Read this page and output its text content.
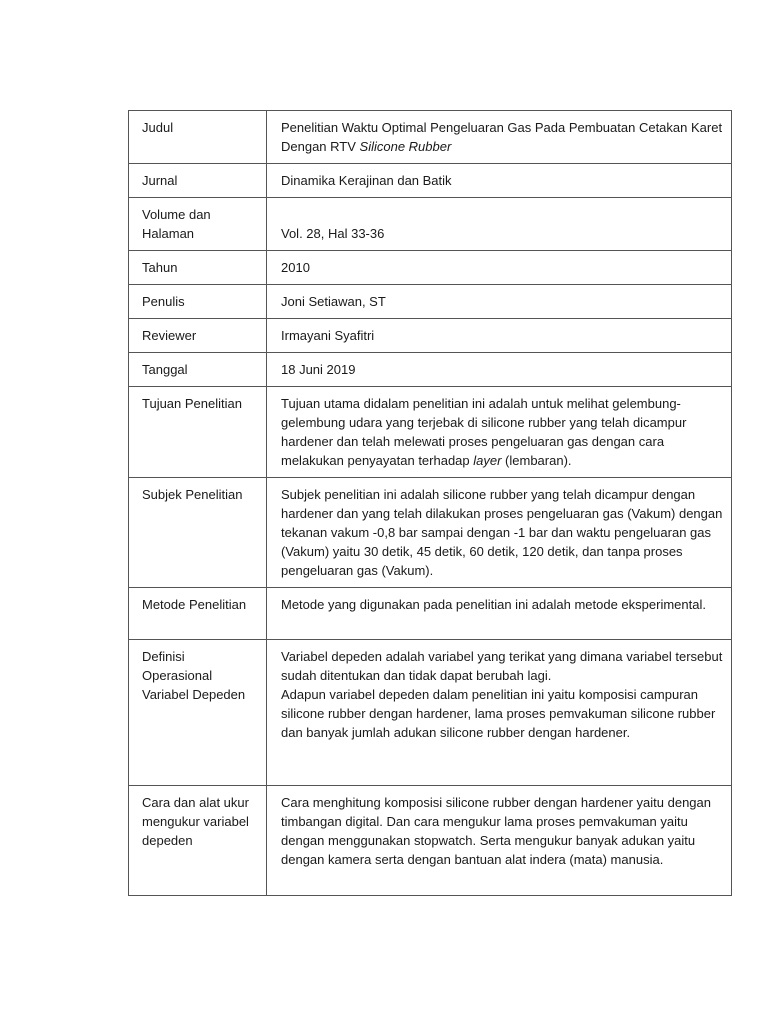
Judul	Penelitian Waktu Optimal Pengeluaran Gas Pada Pembuatan Cetakan Karet Dengan RTV Silicone Rubber
Jurnal	Dinamika Kerajinan dan Batik
Volume dan Halaman	Vol. 28, Hal 33-36
Tahun	2010
Penulis	Joni Setiawan, ST
Reviewer	Irmayani Syafitri
Tanggal	18 Juni 2019
Tujuan Penelitian	Tujuan utama didalam penelitian ini adalah untuk melihat gelembung-gelembung udara yang terjebak di silicone rubber yang telah dicampur hardener dan telah melewati proses pengeluaran gas dengan cara melakukan penyayatan terhadap layer (lembaran).
Subjek Penelitian	Subjek penelitian ini adalah silicone rubber yang telah dicampur dengan hardener dan yang telah dilakukan proses pengeluaran gas (Vakum) dengan tekanan vakum -0,8 bar sampai dengan -1 bar dan waktu pengeluaran gas (Vakum) yaitu 30 detik, 45 detik, 60 detik, 120 detik, dan tanpa proses pengeluaran gas (Vakum).
Metode Penelitian	Metode yang digunakan pada penelitian ini adalah metode eksperimental.
Definisi Operasional Variabel Depeden	Variabel depeden adalah variabel yang terikat yang dimana variabel tersebut sudah ditentukan dan tidak dapat berubah lagi.
Adapun variabel depeden dalam penelitian ini yaitu komposisi campuran silicone rubber dengan hardener, lama proses pemvakuman silicone rubber dan banyak jumlah adukan silicone rubber dengan hardener.
Cara dan alat ukur mengukur variabel depeden	Cara menghitung komposisi silicone rubber dengan hardener yaitu dengan timbangan digital. Dan cara mengukur lama proses pemvakuman yaitu dengan menggunakan stopwatch. Serta mengukur banyak adukan yaitu dengan kamera serta dengan bantuan alat indera (mata) manusia.
